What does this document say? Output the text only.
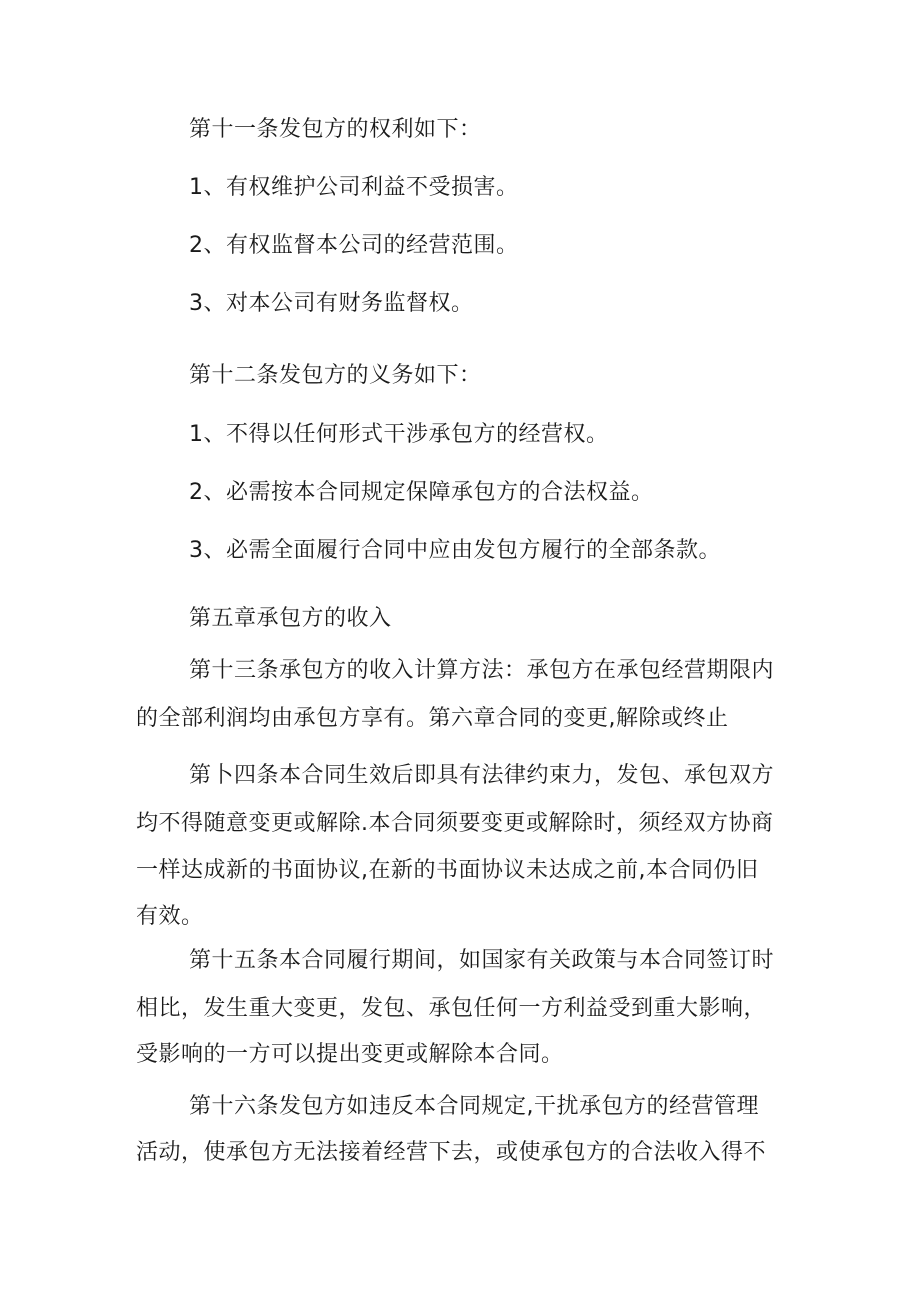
第十一条发包方的权利如下：
1、有权维护公司利益不受损害。
2、有权监督本公司的经营范围。
3、对本公司有财务监督权。
第十二条发包方的义务如下：
1、不得以任何形式干涉承包方的经营权。
2、必需按本合同规定保障承包方的合法权益。
3、必需全面履行合同中应由发包方履行的全部条款。
第五章承包方的收入
第十三条承包方的收入计算方法：承包方在承包经营期限内
的全部利润均由承包方享有。第六章合同的变更,解除或终止
第卜四条本合同生效后即具有法律约束力，发包、承包双方
均不得随意变更或解除.本合同须要变更或解除时，须经双方协商
一样达成新的书面协议,在新的书面协议未达成之前,本合同仍旧
有效。
第十五条本合同履行期间，如国家有关政策与本合同签订时
相比，发生重大变更，发包、承包任何一方利益受到重大影响，
受影响的一方可以提出变更或解除本合同。
第十六条发包方如违反本合同规定,干扰承包方的经营管理
活动，使承包方无法接着经营下去，或使承包方的合法收入得不
